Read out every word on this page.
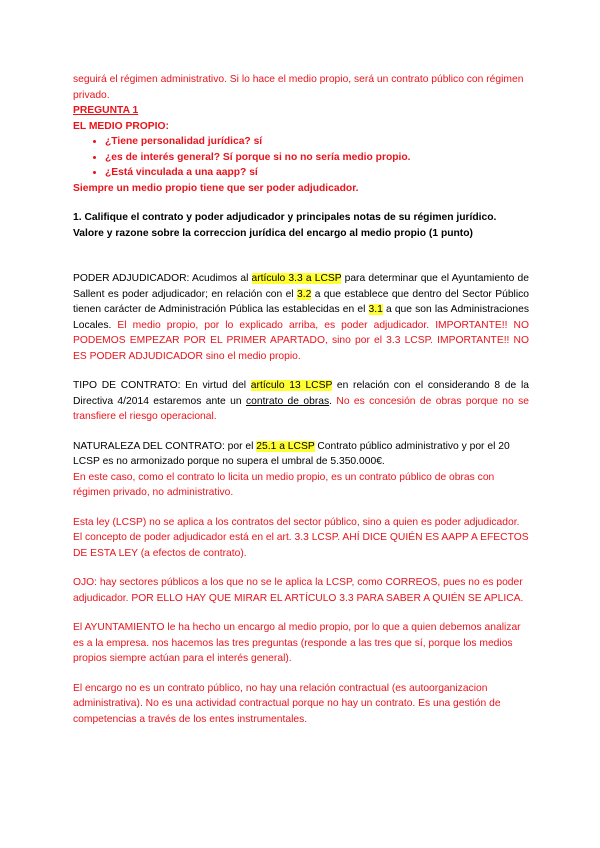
seguirá el régimen administrativo. Si lo hace el medio propio, será un contrato público con régimen privado.

PREGUNTA 1

EL MEDIO PROPIO:

• ¿Tiene personalidad jurídica? sí
• ¿es de interés general? Sí porque si no no sería medio propio.
• ¿Está vinculada a una aapp? sí

Siempre un medio propio tiene que ser poder adjudicador.

1. Califique el contrato y poder adjudicador y principales notas de su régimen jurídico.

Valore y razone sobre la correccion jurídica del encargo al medio propio (1 punto)

PODER ADJUDICADOR: Acudimos al artículo 3.3 a LCSP para determinar que el Ayuntamiento de Sallent es poder adjudicador; en relación con el 3.2 a que establece que dentro del Sector Público tienen carácter de Administración Pública las establecidas en el 3.1 a que son las Administraciones Locales. El medio propio, por lo explicado arriba, es poder adjudicador. IMPORTANTE!! NO PODEMOS EMPEZAR POR EL PRIMER APARTADO, sino por el 3.3 LCSP. IMPORTANTE!! NO ES PODER ADJUDICADOR sino el medio propio.

TIPO DE CONTRATO: En virtud del artículo 13 LCSP en relación con el considerando 8 de la Directiva 4/2014 estaremos ante un contrato de obras. No es concesión de obras porque no se transfiere el riesgo operacional.

NATURALEZA DEL CONTRATO: por el 25.1 a LCSP Contrato público administrativo y por el 20 LCSP es no armonizado porque no supera el umbral de 5.350.000€.

En este caso, como el contrato lo licita un medio propio, es un contrato público de obras con régimen privado, no administrativo.

Esta ley (LCSP) no se aplica a los contratos del sector público, sino a quien es poder adjudicador. El concepto de poder adjudicador está en el art. 3.3 LCSP. AHÍ DICE QUIÉN ES AAPP A EFECTOS DE ESTA LEY (a efectos de contrato).

OJO: hay sectores públicos a los que no se le aplica la LCSP, como CORREOS, pues no es poder adjudicador. POR ELLO HAY QUE MIRAR EL ARTÍCULO 3.3 PARA SABER A QUIÉN SE APLICA.

El AYUNTAMIENTO le ha hecho un encargo al medio propio, por lo que a quien debemos analizar es a la empresa. nos hacemos las tres preguntas (responde a las tres que sí, porque los medios propios siempre actúan para el interés general).

El encargo no es un contrato público, no hay una relación contractual (es autoorganizacion administrativa). No es una actividad contractual porque no hay un contrato. Es una gestión de competencias a través de los entes instrumentales.
